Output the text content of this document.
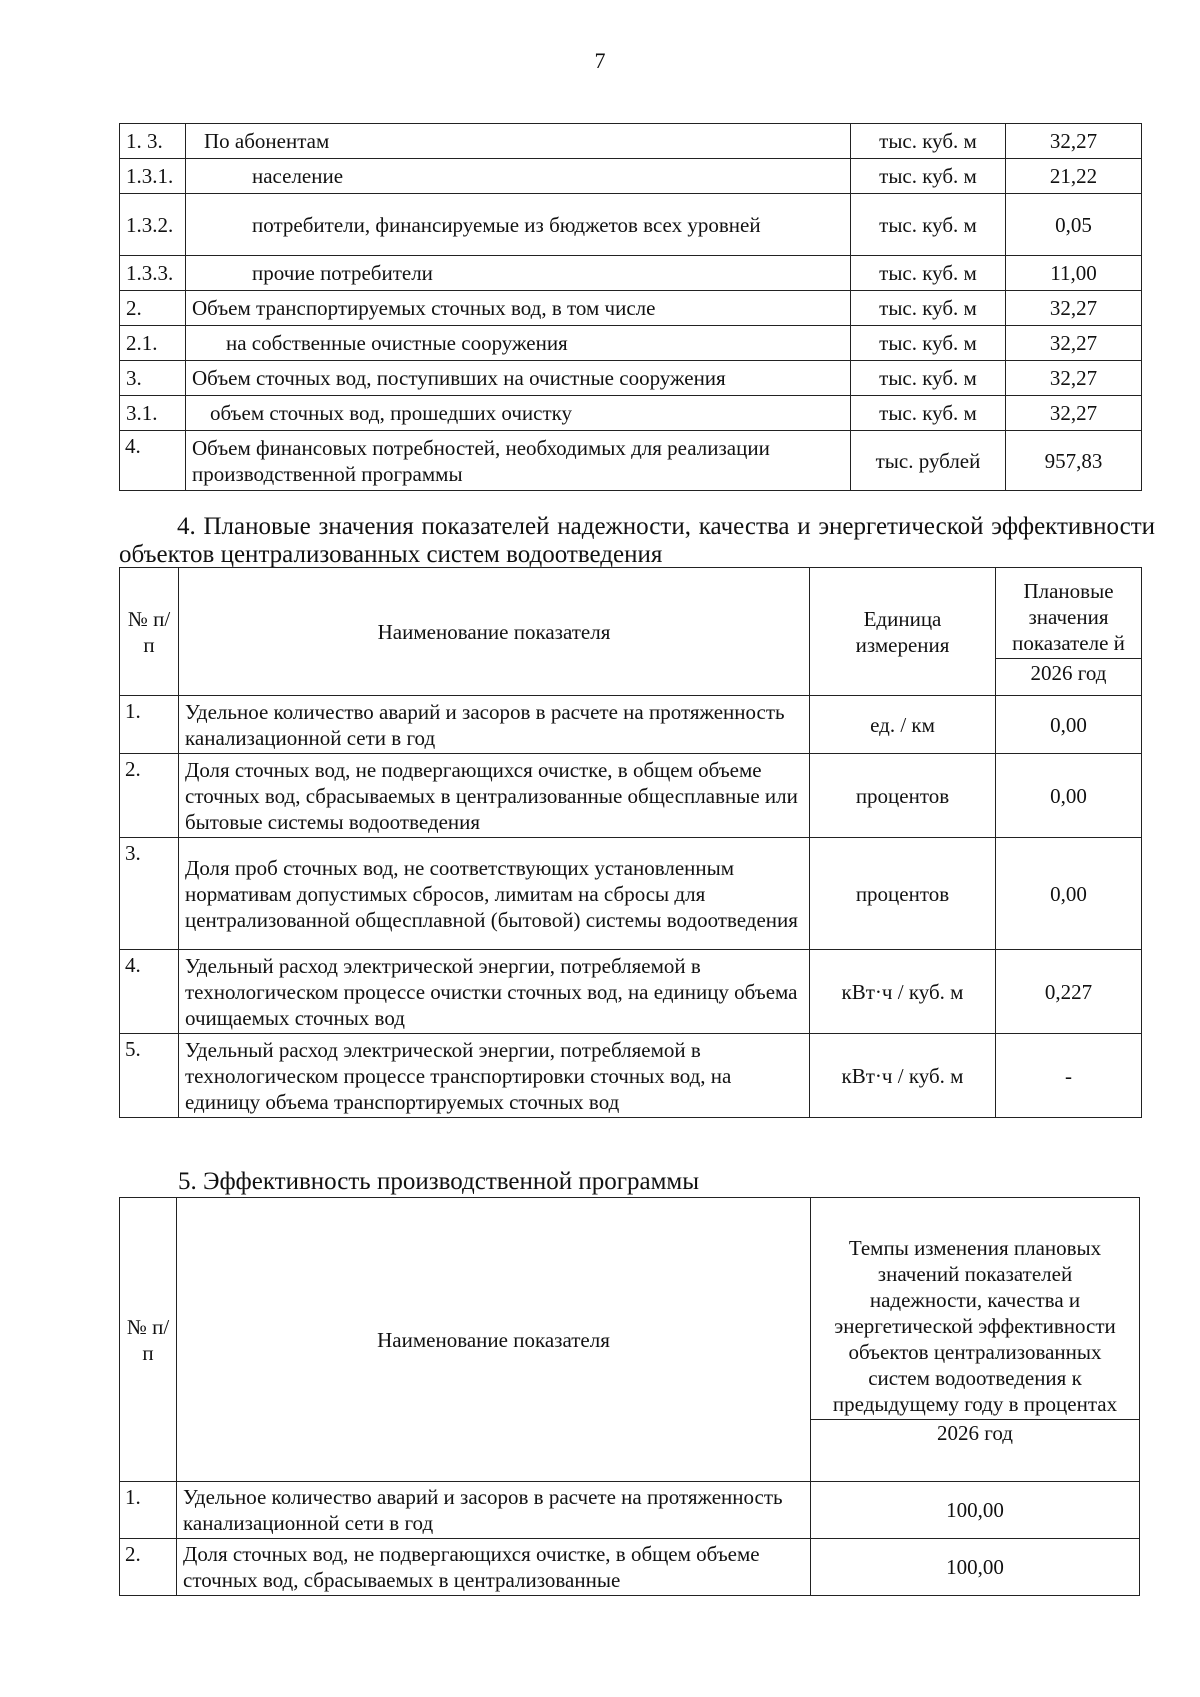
7
1. 3.	По абонентам	тыс. куб. м	32,27
1.3.1.	население	тыс. куб. м	21,22
1.3.2.	потребители, финансируемые из бюджетов всех уровней	тыс. куб. м	0,05
1.3.3.	прочие потребители	тыс. куб. м	11,00
2.	Объем транспортируемых сточных вод, в том числе	тыс. куб. м	32,27
2.1.	на собственные очистные сооружения	тыс. куб. м	32,27
3.	Объем сточных вод, поступивших на очистные сооружения	тыс. куб. м	32,27
3.1.	объем сточных вод, прошедших очистку	тыс. куб. м	32,27
4.	Объем финансовых потребностей, необходимых для реализации производственной программы	тыс. рублей	957,83
4. Плановые значения показателей надежности, качества и энергетической эффективности объектов централизованных систем водоотведения
№ п/п	Наименование показателя	Единица измерения	Плановые значения показателе й
2026 год

1.	Удельное количество аварий и засоров в расчете на протяженность канализационной сети в год	ед. / км	0,00
2.	Доля сточных вод, не подвергающихся очистке, в общем объеме сточных вод, сбрасываемых в централизованные общесплавные или бытовые системы водоотведения	процентов	0,00
3.	Доля проб сточных вод, не соответствующих установленным нормативам допустимых сбросов, лимитам на сбросы для централизованной общесплавной (бытовой) системы водоотведения	процентов	0,00
4.	Удельный расход электрической энергии, потребляемой в технологическом процессе очистки сточных вод, на единицу объема очищаемых сточных вод	кВт·ч / куб. м	0,227
5.	Удельный расход электрической энергии, потребляемой в технологическом процессе транспортировки сточных вод, на единицу объема транспортируемых сточных вод	кВт·ч / куб. м	-
5. Эффективность производственной программы
№ п/п	Наименование показателя	Темпы изменения плановых значений показателей надежности, качества и энергетической эффективности объектов централизованных систем водоотведения к предыдущему году в процентах
2026 год

1.	Удельное количество аварий и засоров в расчете на протяженность канализационной сети в год	100,00
2.	Доля сточных вод, не подвергающихся очистке, в общем объеме сточных вод, сбрасываемых в централизованные	100,00
